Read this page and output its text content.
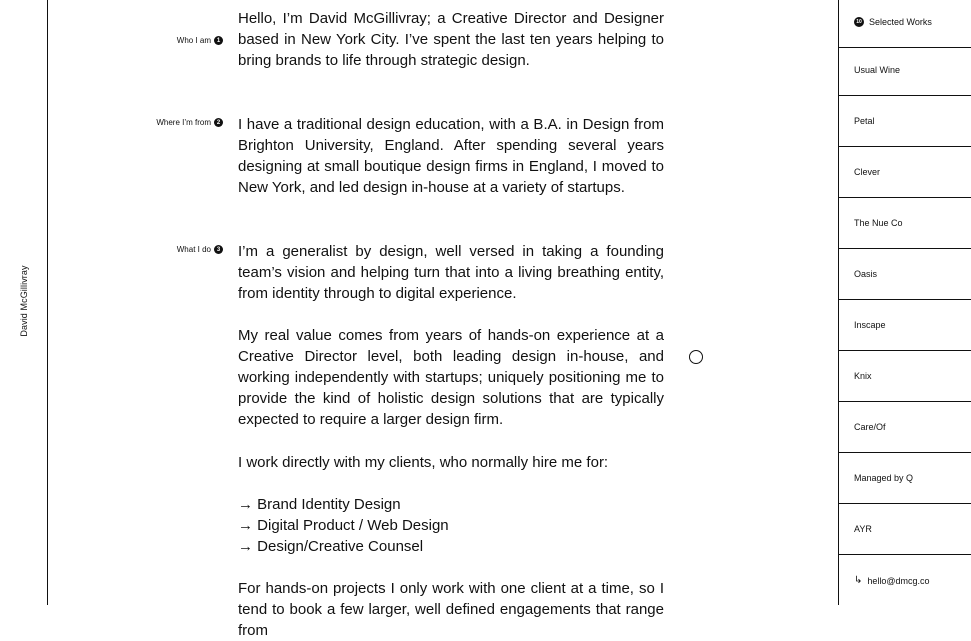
David McGillivray
Who I am 1

Hello, I’m David McGillivray; a Creative Director and Designer based in New York City. I’ve spent the last ten years helping to bring brands to life through strategic design.

Where I’m from 2 I have a traditional design education, with a B.A. in Design from Brighton University, England. After spending several years designing at small boutique design firms in England, I moved to New York, and led design in-house at a variety of startups.

What I do 3 I’m a generalist by design, well versed in taking a founding team’s vision and helping turn that into a living breathing entity, from identity through to digital experience.

My real value comes from years of hands-on experience at a Creative Director level, both leading design in-house, and working independently with startups; uniquely positioning me to provide the kind of holistic design solutions that are typically expected to require a larger design firm.

I work directly with my clients, who normally hire me for:

→ Brand Identity Design
→ Digital Product / Web Design
→ Design/Creative Counsel

For hands-on projects I only work with one client at a time, so I tend to book a few larger, well defined engagements that range from

10 Selected Works
Usual Wine
Petal
Clever
The Nue Co
Oasis
Inscape
Knix
Care/Of
Managed by Q
AYR
↳ hello@dmcg.co
